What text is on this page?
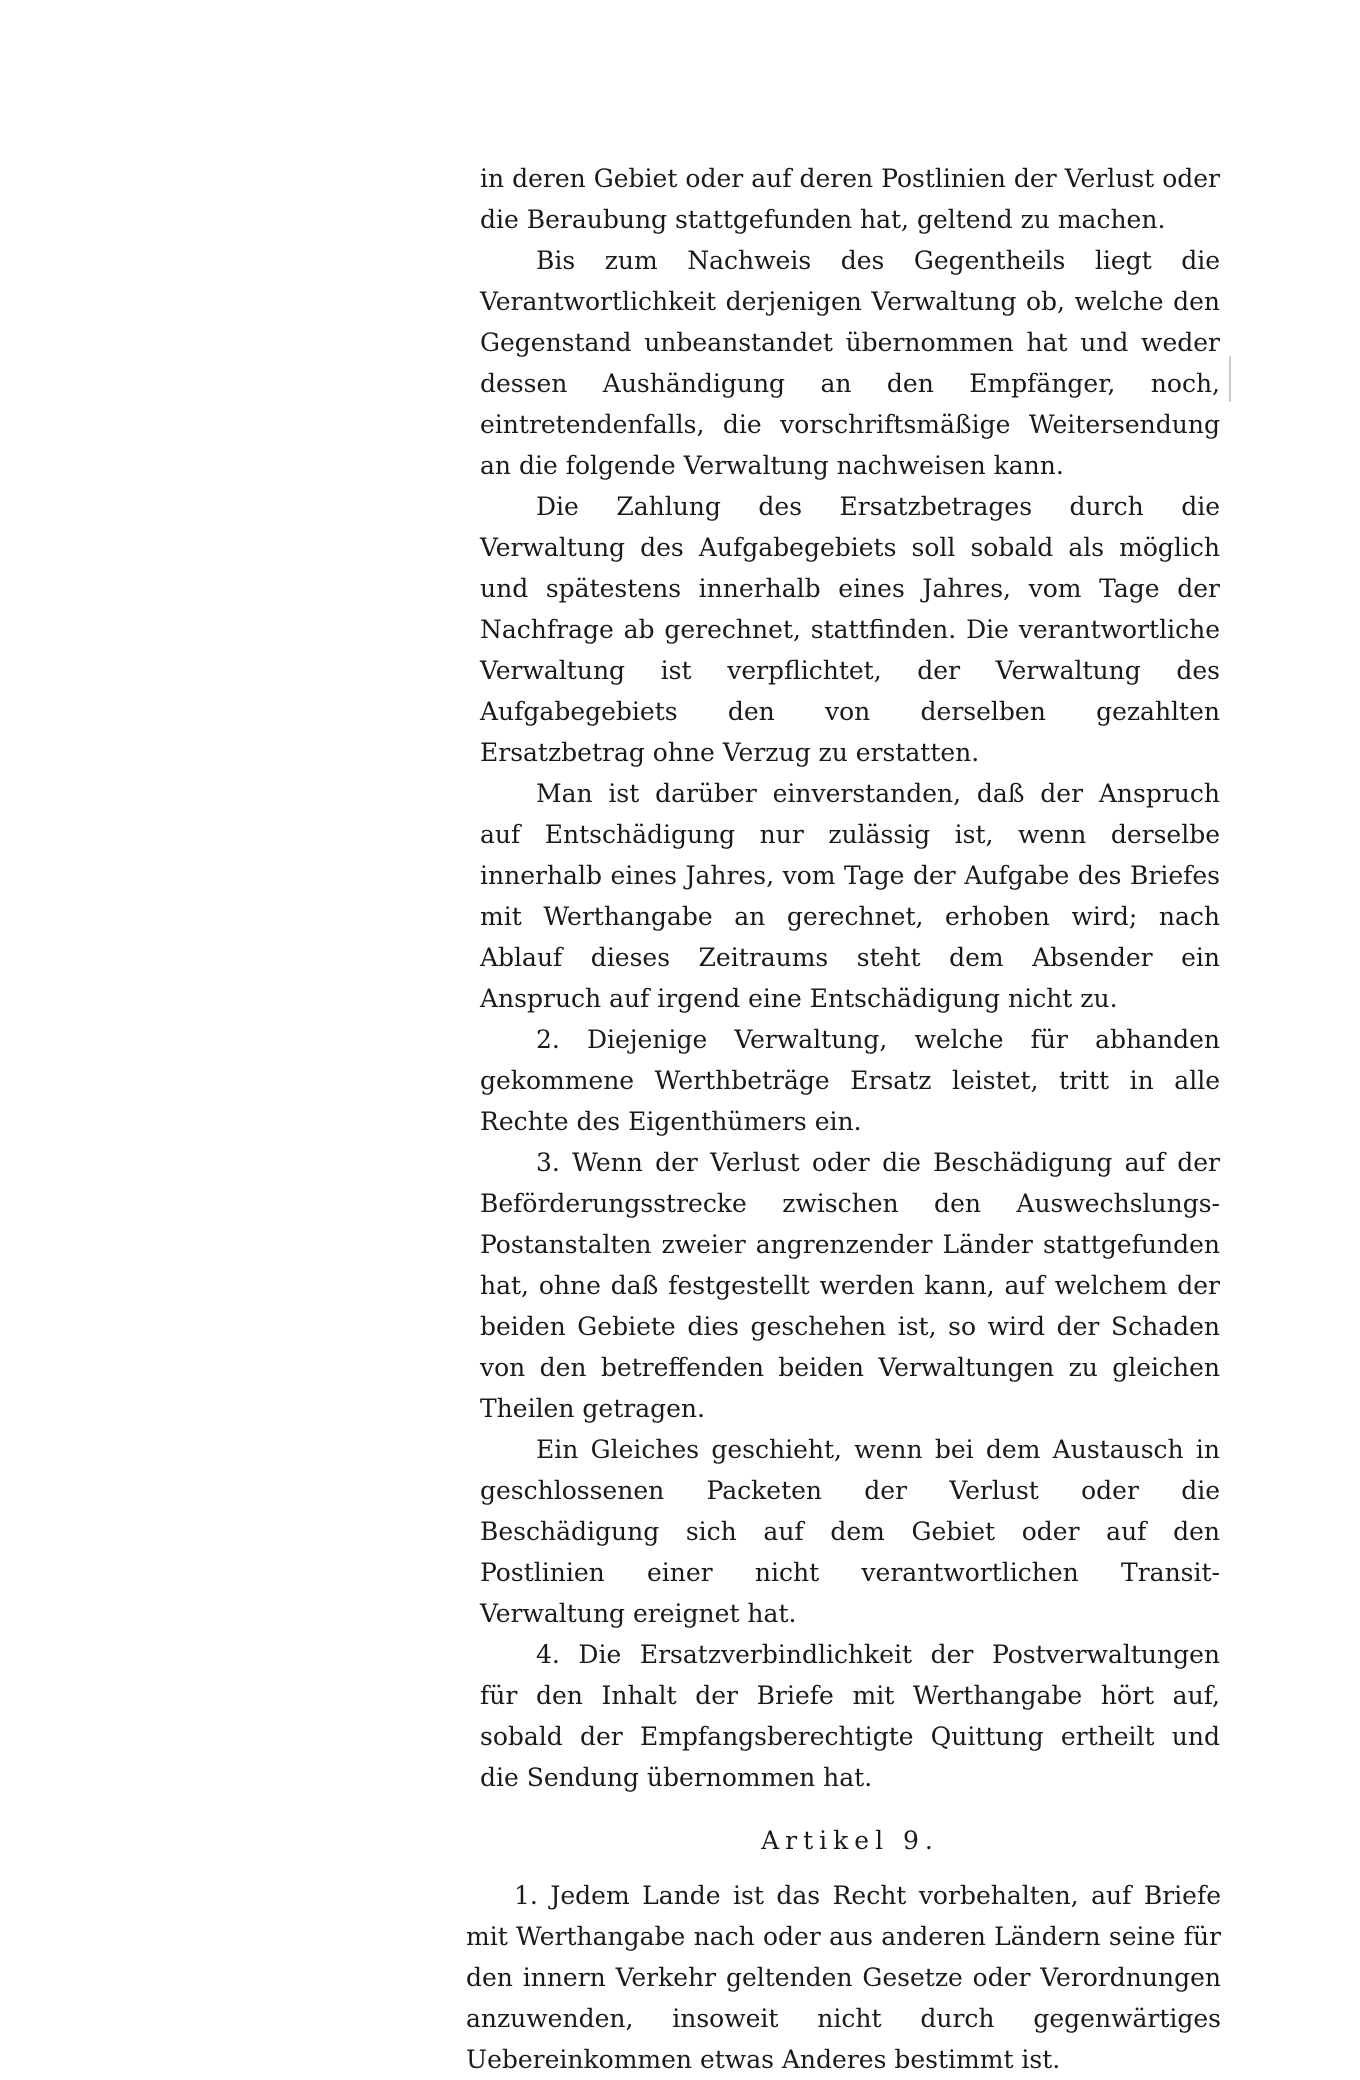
in deren Gebiet oder auf deren Postlinien der Verlust oder die Beraubung stattgefunden hat, geltend zu machen.

Bis zum Nachweis des Gegentheils liegt die Verantwortlichkeit derjenigen Verwaltung ob, welche den Gegenstand unbeanstandet übernommen hat und weder dessen Aushändigung an den Empfänger, noch, eintretendenfalls, die vorschriftsmäßige Weitersendung an die folgende Verwaltung nachweisen kann.

Die Zahlung des Ersatzbetrages durch die Verwaltung des Aufgabegebiets soll sobald als möglich und spätestens innerhalb eines Jahres, vom Tage der Nachfrage ab gerechnet, stattfinden. Die verantwortliche Verwaltung ist verpflichtet, der Verwaltung des Aufgabegebiets den von derselben gezahlten Ersatzbetrag ohne Verzug zu erstatten.

Man ist darüber einverstanden, daß der Anspruch auf Entschädigung nur zulässig ist, wenn derselbe innerhalb eines Jahres, vom Tage der Aufgabe des Briefes mit Werthangabe an gerechnet, erhoben wird; nach Ablauf dieses Zeitraums steht dem Absender ein Anspruch auf irgend eine Entschädigung nicht zu.

2. Diejenige Verwaltung, welche für abhanden gekommene Werthbeträge Ersatz leistet, tritt in alle Rechte des Eigenthümers ein.

3. Wenn der Verlust oder die Beschädigung auf der Beförderungsstrecke zwischen den Auswechslungs-Postanstalten zweier angrenzender Länder stattgefunden hat, ohne daß festgestellt werden kann, auf welchem der beiden Gebiete dies geschehen ist, so wird der Schaden von den betreffenden beiden Verwaltungen zu gleichen Theilen getragen.

Ein Gleiches geschieht, wenn bei dem Austausch in geschlossenen Packeten der Verlust oder die Beschädigung sich auf dem Gebiet oder auf den Postlinien einer nicht verantwortlichen Transit-Verwaltung ereignet hat.

4. Die Ersatzverbindlichkeit der Postverwaltungen für den Inhalt der Briefe mit Werthangabe hört auf, sobald der Empfangsberechtigte Quittung ertheilt und die Sendung übernommen hat.

Artikel 9.

1. Jedem Lande ist das Recht vorbehalten, auf Briefe mit Werthangabe nach oder aus anderen Ländern seine für den innern Verkehr geltenden Gesetze oder Verordnungen anzuwenden, insoweit nicht durch gegenwärtiges Uebereinkommen etwas Anderes bestimmt ist.
